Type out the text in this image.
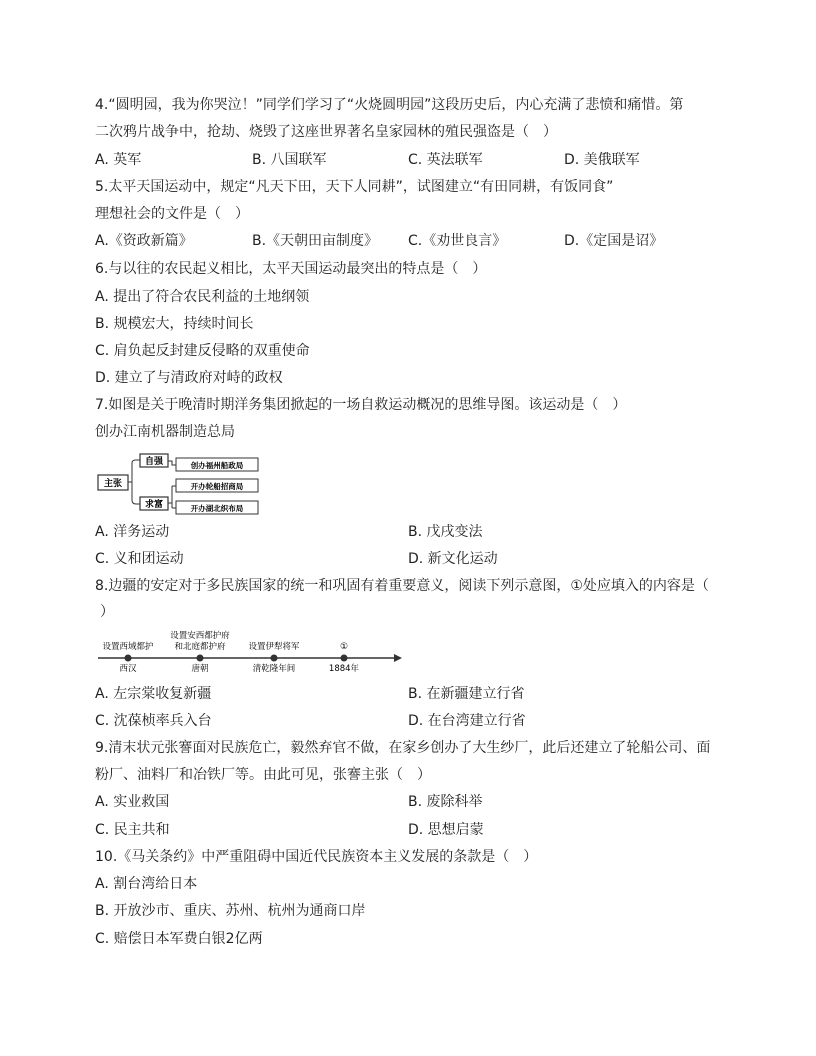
4.“圆明园，我为你哭泣！”同学们学习了“火烧圆明园”这段历史后，内心充满了悲愤和痛惜。第
二次鸦片战争中，抢劫、烧毁了这座世界著名皇家园林的殖民强盗是（　）
A. 英军	B. 八国联军	C. 英法联军	D. 美俄联军
5.太平天国运动中，规定“凡天下田，天下人同耕”，试图建立“有田同耕，有饭同食”
理想社会的文件是（　）
A.《资政新篇》	B.《天朝田亩制度》 C.《劝世良言》	D.《定国是诏》
6.与以往的农民起义相比，太平天国运动最突出的特点是（　）
A. 提出了符合农民利益的土地纲领
B. 规模宏大，持续时间长
C. 肩负起反封建反侵略的双重使命
D. 建立了与清政府对峙的政权
7.如图是关于晚清时期洋务集团掀起的一场自救运动概况的思维导图。该运动是（　）
创办江南机器制造总局
主张
自强	创办福州船政局
求富
开办轮船招商局
开办湖北织布局
A. 洋务运动	B. 戊戌变法
C. 义和团运动	D. 新文化运动
8.边疆的安定对于多民族国家的统一和巩固有着重要意义，阅读下列示意图，①处应填入的内容是（
）
设置西域都护
西汉
设置安西都护府
和北庭都护府
唐朝
设置伊犁将军
清乾隆年间
①
1884年
A. 左宗棠收复新疆	B. 在新疆建立行省
C. 沈葆桢率兵入台	D. 在台湾建立行省
9.清末状元张謇面对民族危亡，毅然弃官不做，在家乡创办了大生纱厂，此后还建立了轮船公司、面
粉厂、油料厂和冶铁厂等。由此可见，张謇主张（　）
A. 实业救国	B. 废除科举
C. 民主共和	D. 思想启蒙
10.《马关条约》中严重阻碍中国近代民族资本主义发展的条款是（　）
A. 割台湾给日本
B. 开放沙市、重庆、苏州、杭州为通商口岸
C. 赔偿日本军费白银2亿两
